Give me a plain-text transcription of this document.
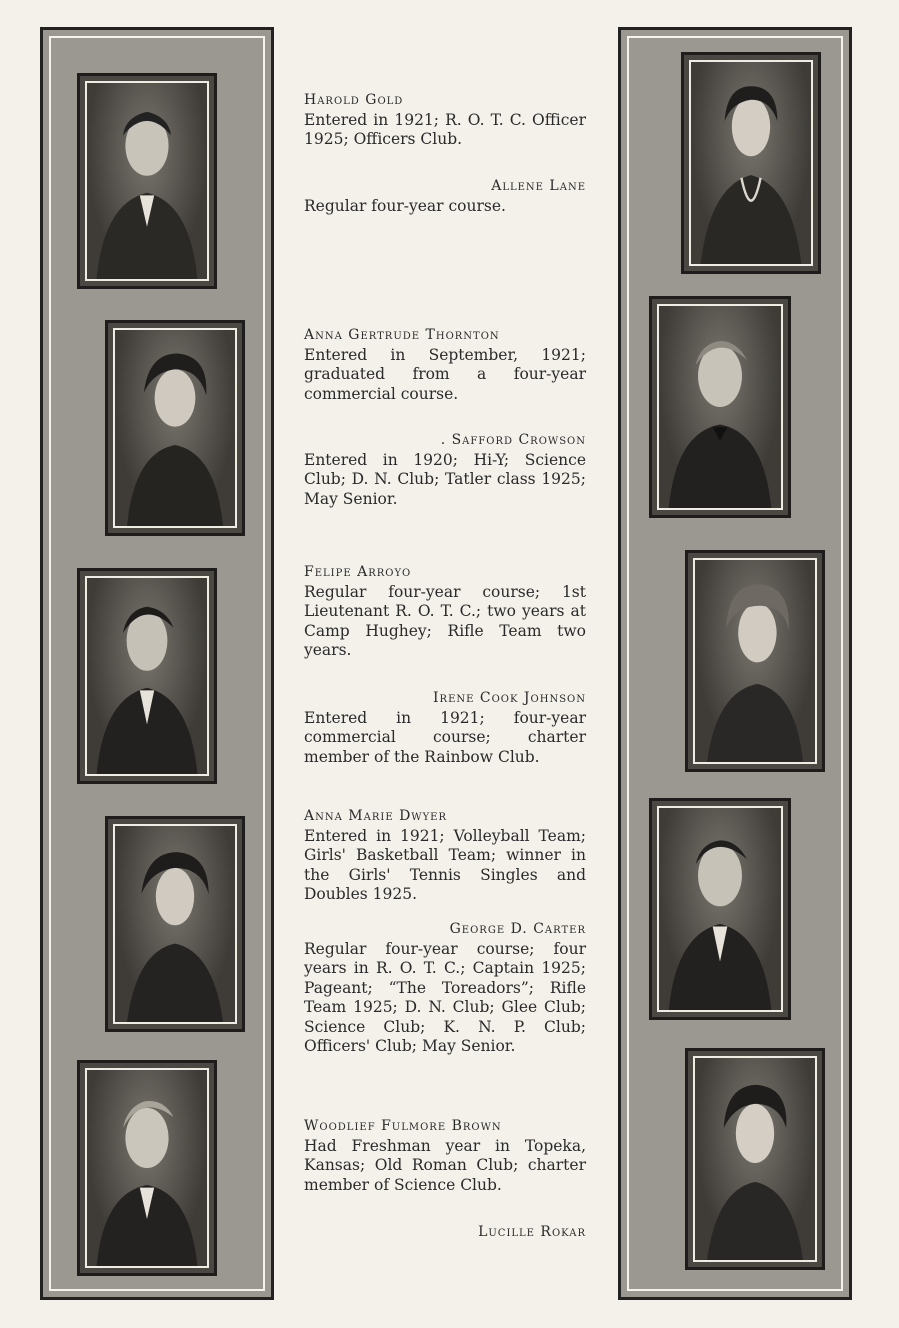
Harold Gold
Entered in 1921; R. O. T. C. Officer 1925; Officers Club.
Allene Lane
Regular four-year course.
Anna Gertrude Thornton
Entered in September, 1921; graduated from a four-year commercial course.
. Safford Crowson
Entered in 1920; Hi-Y; Science Club; D. N. Club; Tatler class 1925; May Senior.
Felipe Arroyo
Regular four-year course; 1st Lieutenant R. O. T. C.; two years at Camp Hughey; Rifle Team two years.
Irene Cook Johnson
Entered in 1921; four-year commercial course; charter member of the Rainbow Club.
Anna Marie Dwyer
Entered in 1921; Volleyball Team; Girls' Basketball Team; winner in the Girls' Tennis Singles and Doubles 1925.
George D. Carter
Regular four-year course; four years in R. O. T. C.; Captain 1925; Pageant; “The Toreadors”; Rifle Team 1925; D. N. Club; Glee Club; Science Club; K. N. P. Club; Officers' Club; May Senior.
Woodlief Fulmore Brown
Had Freshman year in Topeka, Kansas; Old Roman Club; charter member of Science Club.
Lucille Rokar
